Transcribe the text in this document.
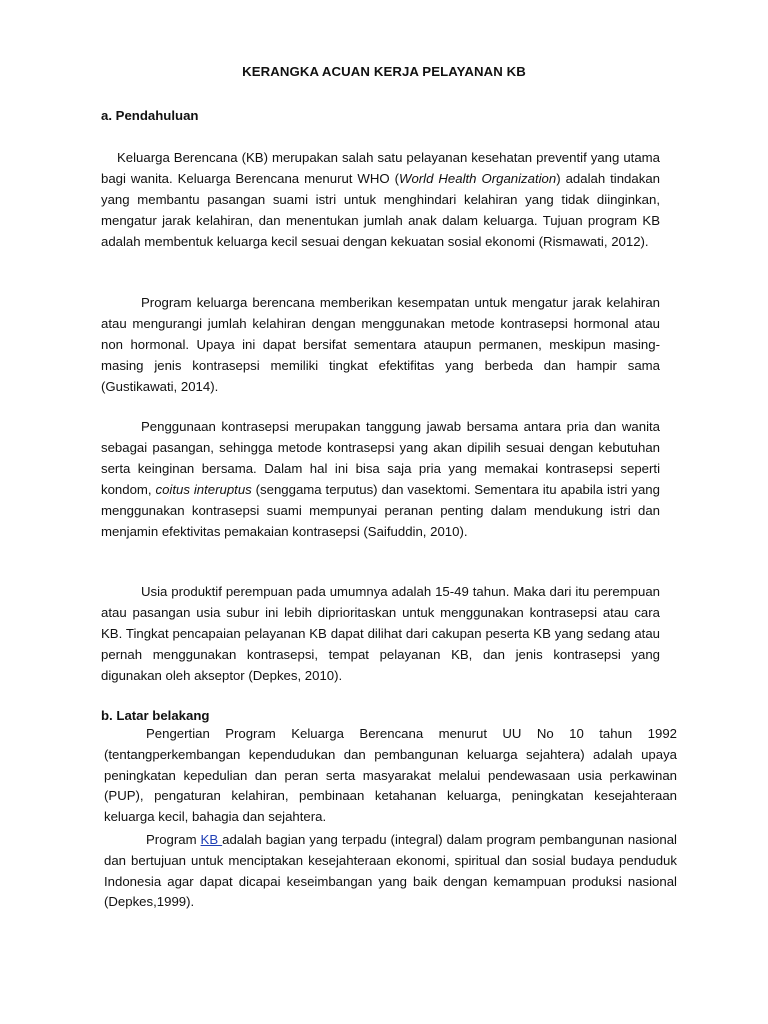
KERANGKA ACUAN KERJA PELAYANAN KB
a. Pendahuluan
Keluarga Berencana (KB) merupakan salah satu pelayanan kesehatan preventif yang utama bagi wanita. Keluarga Berencana menurut WHO (World Health Organization) adalah tindakan yang membantu pasangan suami istri untuk menghindari kelahiran yang tidak diinginkan, mengatur jarak kelahiran, dan menentukan jumlah anak dalam keluarga. Tujuan program KB adalah membentuk keluarga kecil sesuai dengan kekuatan sosial ekonomi (Rismawati, 2012).
Program keluarga berencana memberikan kesempatan untuk mengatur jarak kelahiran atau mengurangi jumlah kelahiran dengan menggunakan metode kontrasepsi hormonal atau non hormonal. Upaya ini dapat bersifat sementara ataupun permanen, meskipun masing-masing jenis kontrasepsi memiliki tingkat efektifitas yang berbeda dan hampir sama (Gustikawati, 2014).
Penggunaan kontrasepsi merupakan tanggung jawab bersama antara pria dan wanita sebagai pasangan, sehingga metode kontrasepsi yang akan dipilih sesuai dengan kebutuhan serta keinginan bersama. Dalam hal ini bisa saja pria yang memakai kontrasepsi seperti kondom, coitus interuptus (senggama terputus) dan vasektomi. Sementara itu apabila istri yang menggunakan kontrasepsi suami mempunyai peranan penting dalam mendukung istri dan menjamin efektivitas pemakaian kontrasepsi (Saifuddin, 2010).
Usia produktif perempuan pada umumnya adalah 15-49 tahun. Maka dari itu perempuan atau pasangan usia subur ini lebih diprioritaskan untuk menggunakan kontrasepsi atau cara KB. Tingkat pencapaian pelayanan KB dapat dilihat dari cakupan peserta KB yang sedang atau pernah menggunakan kontrasepsi, tempat pelayanan KB, dan jenis kontrasepsi yang digunakan oleh akseptor (Depkes, 2010).
b. Latar belakang
Pengertian Program Keluarga Berencana menurut UU No 10 tahun 1992 (tentangperkembangan kependudukan dan pembangunan keluarga sejahtera) adalah upaya peningkatan kepedulian dan peran serta masyarakat melalui pendewasaan usia perkawinan (PUP), pengaturan kelahiran, pembinaan ketahanan keluarga, peningkatan kesejahteraan keluarga kecil, bahagia dan sejahtera.
Program KB adalah bagian yang terpadu (integral) dalam program pembangunan nasional dan bertujuan untuk menciptakan kesejahteraan ekonomi, spiritual dan sosial budaya penduduk Indonesia agar dapat dicapai keseimbangan yang baik dengan kemampuan produksi nasional (Depkes,1999).
